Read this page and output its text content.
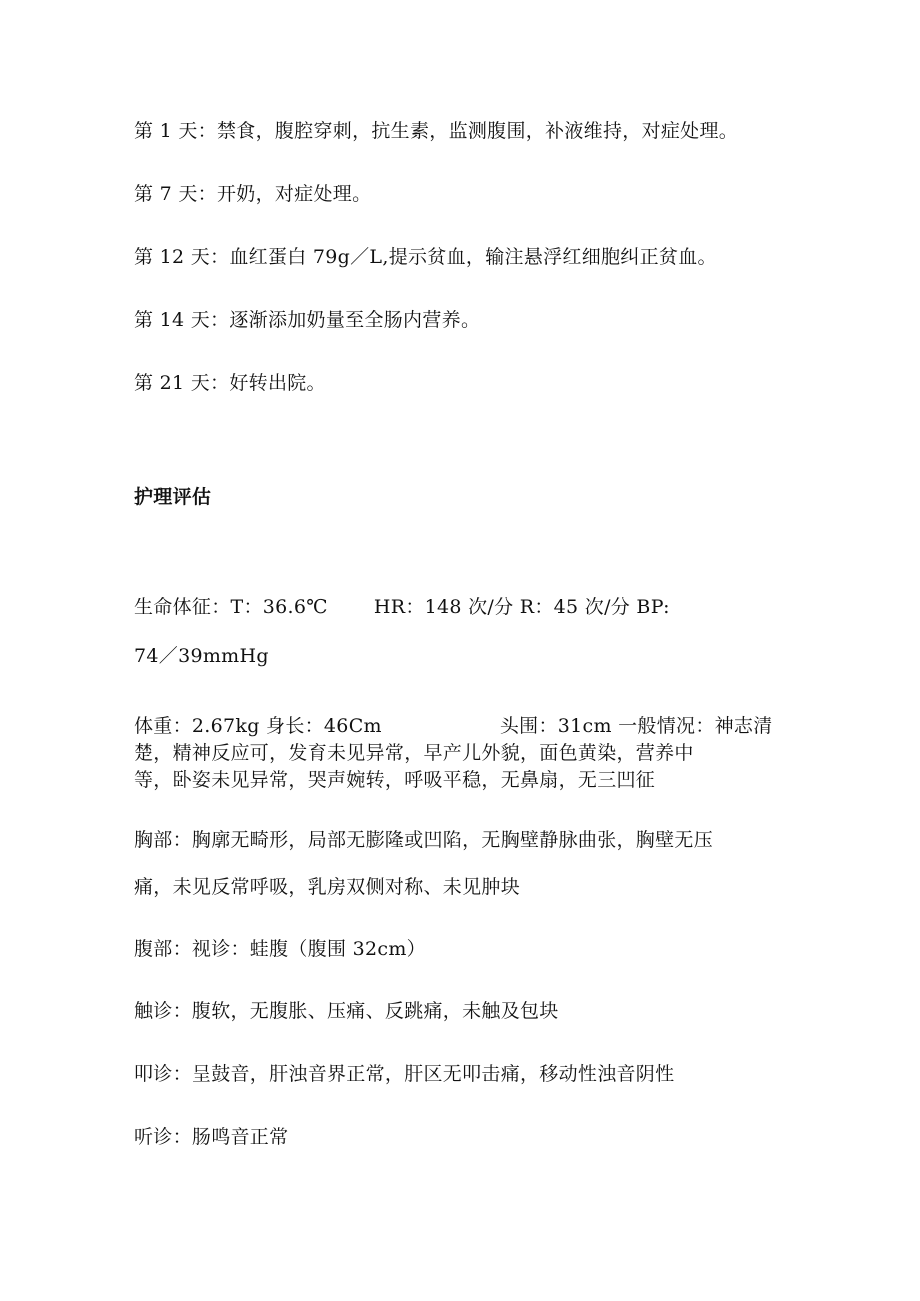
第 1 天：禁食，腹腔穿刺，抗生素，监测腹围，补液维持，对症处理。
第 7 天：开奶，对症处理。
第 12 天：血红蛋白 79g／L,提示贫血，输注悬浮红细胞纠正贫血。
第 14 天：逐渐添加奶量至全肠内营养。
第 21 天：好转出院。
护理评估
生命体征：T：36.6℃ HR：148 次/分 R：45 次/分 BP:
74／39mmHg
体重：2.67kg 身长：46Cm	头围：31cm 一般情况：神志清
楚，精神反应可，发育未见异常，早产儿外貌，面色黄染，营养中
等，卧姿未见异常，哭声婉转，呼吸平稳，无鼻扇，无三凹征
胸部：胸廓无畸形，局部无膨隆或凹陷，无胸壁静脉曲张，胸壁无压
痛，未见反常呼吸，乳房双侧对称、未见肿块
腹部：视诊：蛙腹（腹围 32cm）
触诊：腹软，无腹胀、压痛、反跳痛，未触及包块
叩诊：呈鼓音，肝浊音界正常，肝区无叩击痛，移动性浊音阴性
听诊：肠鸣音正常
